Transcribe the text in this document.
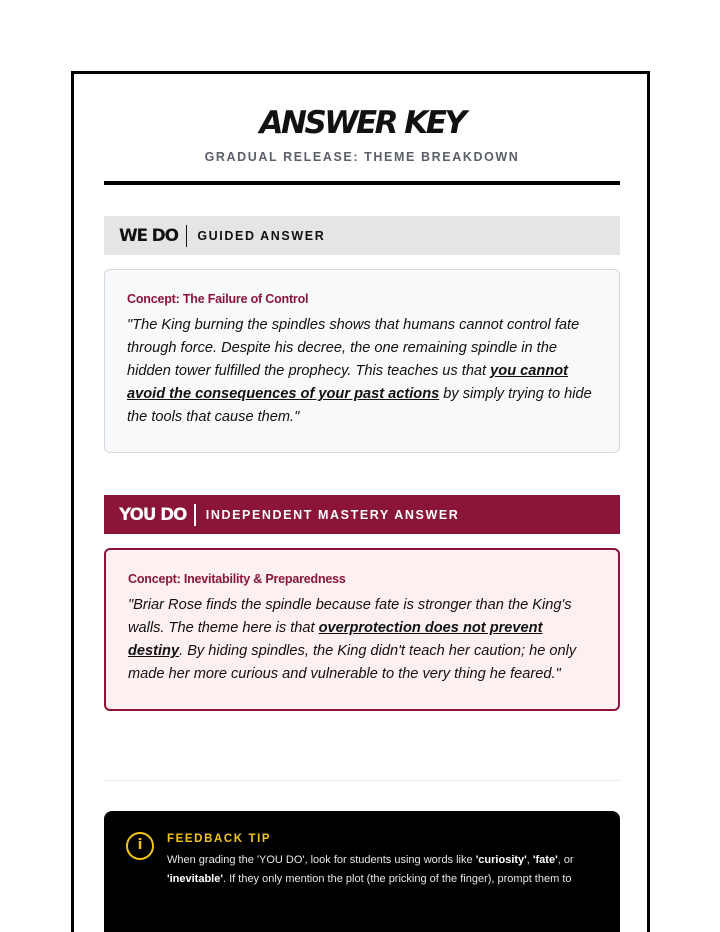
ANSWER KEY
GRADUAL RELEASE: THEME BREAKDOWN
WE DO	GUIDED ANSWER
Concept: The Failure of Control
"The King burning the spindles shows that humans cannot control fate through force. Despite his decree, the one remaining spindle in the hidden tower fulfilled the prophecy. This teaches us that you cannot avoid the consequences of your past actions by simply trying to hide the tools that cause them."
YOU DO	INDEPENDENT MASTERY ANSWER
Concept: Inevitability & Preparedness
"Briar Rose finds the spindle because fate is stronger than the King's walls. The theme here is that overprotection does not prevent destiny. By hiding spindles, the King didn't teach her caution; he only made her more curious and vulnerable to the very thing he feared."
i	FEEDBACK TIP
When grading the 'YOU DO', look for students using words like 'curiosity', 'fate', or 'inevitable'. If they only mention the plot (the pricking of the finger), prompt them to
